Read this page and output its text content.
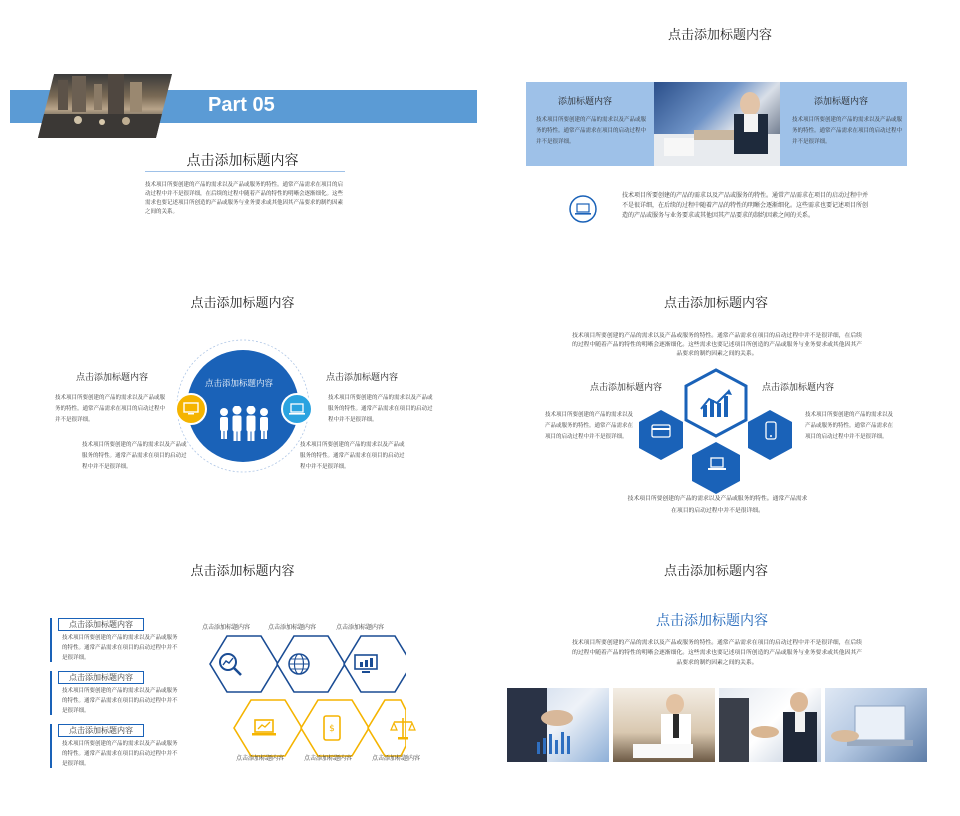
Part 05
点击添加标题内容
技术项目所要创建的产品的需求以及产品或服务的特性。通常产品需求在项目的启动过程中并不是很详细，在后续的过程中随着产品的特性的明晰会逐渐细化。这些需求也要记述项目所创造的产品或服务与业务要求或其他因其产品要求的制约因素之间的关系。
点击添加标题内容
添加标题内容
技术项目所要创建的产品的需求以及产品或服务的特性。通常产品需求在项目的启动过程中并不是很详细。
添加标题内容
技术项目所要创建的产品的需求以及产品或服务的特性。通常产品需求在项目的启动过程中并不是很详细。
技术项目所要创建的产品的需求以及产品或服务的特性。通常产品需求在项目的启动过程中并不是很详细，在后续的过程中随着产品的特性的明晰会逐渐细化。这些需求也要记述项目所创造的产品或服务与业务要求或其他因其产品要求的制约因素之间的关系。
点击添加标题内容
点击添加标题内容
点击添加标题内容
技术项目所要创建的产品的需求以及产品或服务的特性。通常产品需求在项目的启动过程中并不是很详细。
技术项目所要创建的产品的需求以及产品或服务的特性。通常产品需求在项目的启动过程中并不是很详细。
点击添加标题内容
技术项目所要创建的产品的需求以及产品或服务的特性。通常产品需求在项目的启动过程中并不是很详细。
技术项目所要创建的产品的需求以及产品或服务的特性。通常产品需求在项目的启动过程中并不是很详细。
点击添加标题内容
技术项目所要创建的产品的需求以及产品或服务的特性。通常产品需求在项目的启动过程中并不是很详细，在后续的过程中随着产品的特性的明晰会逐渐细化。这些需求也要记述项目所创造的产品或服务与业务要求或其他因其产品要求的制约因素之间的关系。
点击添加标题内容
技术项目所要创建的产品的需求以及产品或服务的特性。通常产品需求在项目的启动过程中并不是很详细。
点击添加标题内容
技术项目所要创建的产品的需求以及产品或服务的特性。通常产品需求在项目的启动过程中并不是很详细。
技术项目所要创建的产品的需求以及产品或服务的特性。通常产品需求在项目的启动过程中并不是很详细。
点击添加标题内容
点击添加标题内容
技术项目所要创建的产品的需求以及产品或服务的特性。通常产品需求在项目的启动过程中并不是很详细。
点击添加标题内容
技术项目所要创建的产品的需求以及产品或服务的特性。通常产品需求在项目的启动过程中并不是很详细。
点击添加标题内容
技术项目所要创建的产品的需求以及产品或服务的特性。通常产品需求在项目的启动过程中并不是很详细。
点击添加标题内容	点击添加标题内容	点击添加标题内容
$
点击添加标题内容	点击添加标题内容	点击添加标题内容
点击添加标题内容
点击添加标题内容
技术项目所要创建的产品的需求以及产品或服务的特性。通常产品需求在项目的启动过程中并不是很详细，在后续的过程中随着产品的特性的明晰会逐渐细化。这些需求也要记述项目所创造的产品或服务与业务要求或其他因其产品要求的制约因素之间的关系。
